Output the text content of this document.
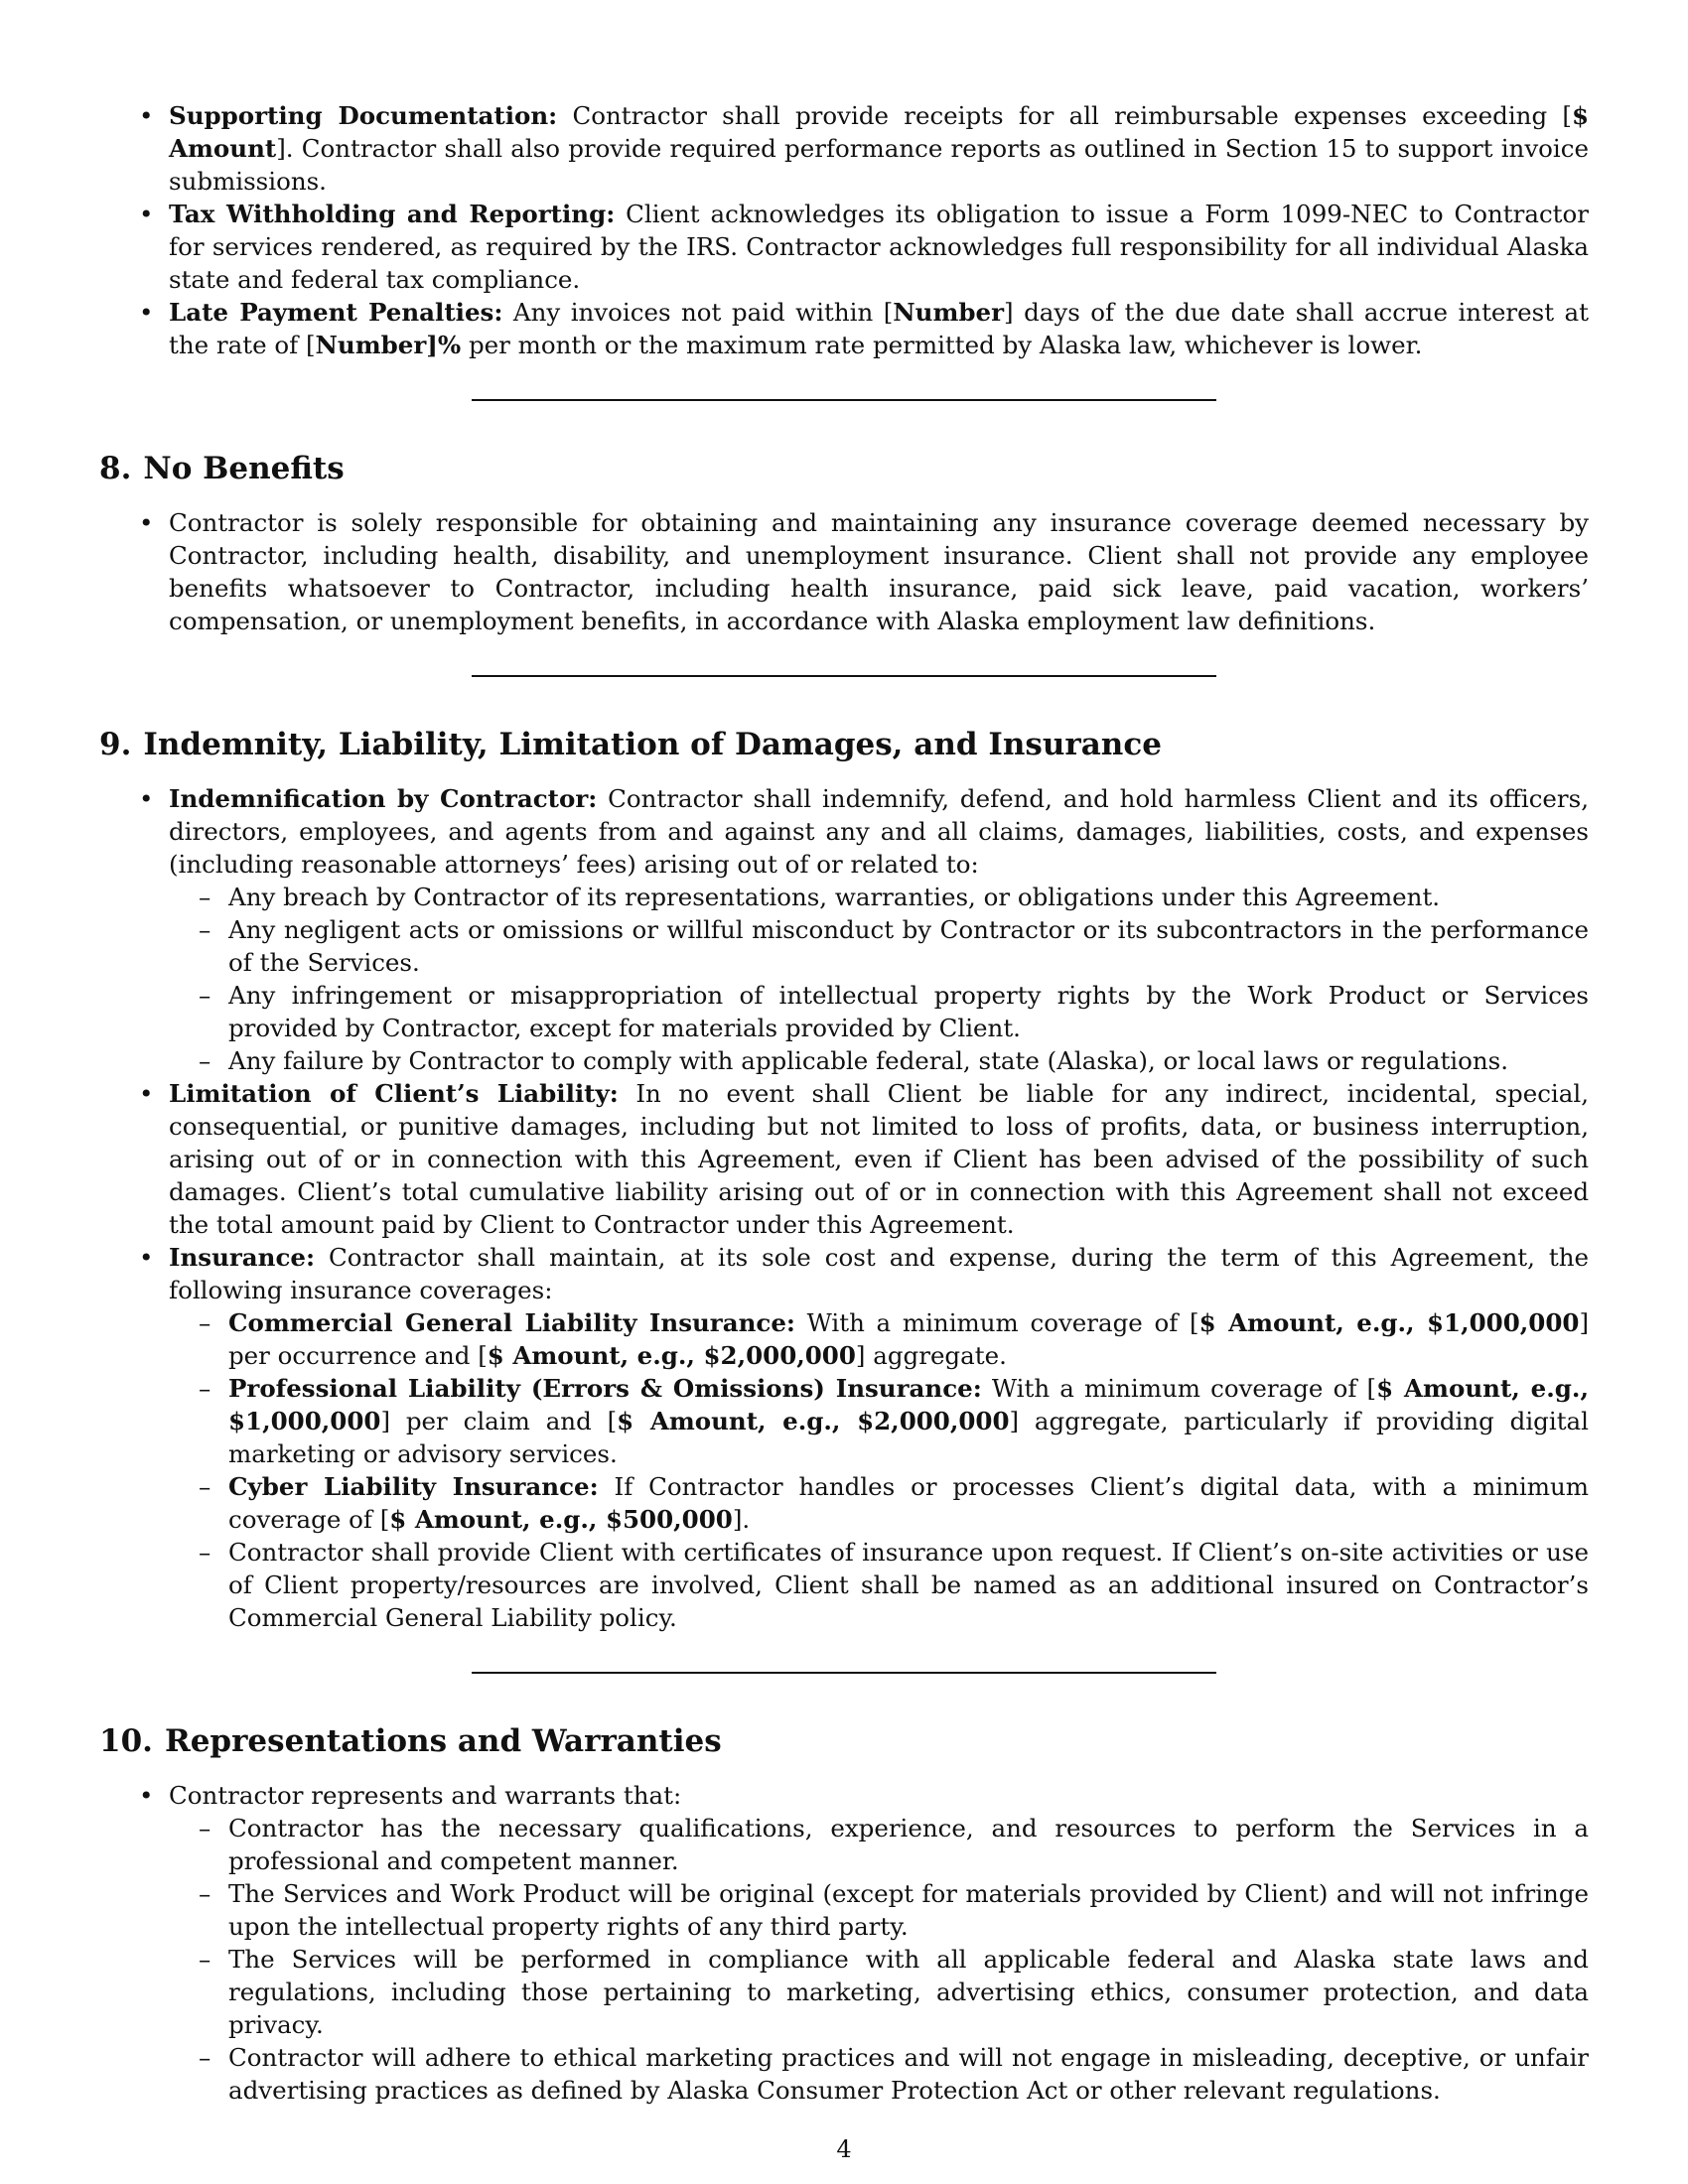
• Supporting Documentation: Contractor shall provide receipts for all reimbursable expenses exceeding [$ Amount]. Contractor shall also provide required performance reports as outlined in Section 15 to support invoice submissions.
• Tax Withholding and Reporting: Client acknowledges its obligation to issue a Form 1099-NEC to Contractor for services rendered, as required by the IRS. Contractor acknowledges full responsibility for all individual Alaska state and federal tax compliance.
• Late Payment Penalties: Any invoices not paid within [Number] days of the due date shall accrue interest at the rate of [Number]% per month or the maximum rate permitted by Alaska law, whichever is lower.
8. No Benefits
• Contractor is solely responsible for obtaining and maintaining any insurance coverage deemed necessary by Contractor, including health, disability, and unemployment insurance. Client shall not provide any employee benefits whatsoever to Contractor, including health insurance, paid sick leave, paid vacation, workers’ compensation, or unemployment benefits, in accordance with Alaska employment law definitions.
9. Indemnity, Liability, Limitation of Damages, and Insurance
• Indemnification by Contractor: Contractor shall indemnify, defend, and hold harmless Client and its officers, directors, employees, and agents from and against any and all claims, damages, liabilities, costs, and expenses (including reasonable attorneys’ fees) arising out of or related to:
– Any breach by Contractor of its representations, warranties, or obligations under this Agreement.
– Any negligent acts or omissions or willful misconduct by Contractor or its subcontractors in the performance of the Services.
– Any infringement or misappropriation of intellectual property rights by the Work Product or Services provided by Contractor, except for materials provided by Client.
– Any failure by Contractor to comply with applicable federal, state (Alaska), or local laws or regulations.
• Limitation of Client’s Liability: In no event shall Client be liable for any indirect, incidental, special, consequential, or punitive damages, including but not limited to loss of profits, data, or business interruption, arising out of or in connection with this Agreement, even if Client has been advised of the possibility of such damages. Client’s total cumulative liability arising out of or in connection with this Agreement shall not exceed the total amount paid by Client to Contractor under this Agreement.
• Insurance: Contractor shall maintain, at its sole cost and expense, during the term of this Agreement, the following insurance coverages:
– Commercial General Liability Insurance: With a minimum coverage of [$ Amount, e.g., $1,000,000] per occurrence and [$ Amount, e.g., $2,000,000] aggregate.
– Professional Liability (Errors & Omissions) Insurance: With a minimum coverage of [$ Amount, e.g., $1,000,000] per claim and [$ Amount, e.g., $2,000,000] aggregate, particularly if providing digital marketing or advisory services.
– Cyber Liability Insurance: If Contractor handles or processes Client’s digital data, with a minimum coverage of [$ Amount, e.g., $500,000].
– Contractor shall provide Client with certificates of insurance upon request. If Client’s on-site activities or use of Client property/resources are involved, Client shall be named as an additional insured on Contractor’s Commercial General Liability policy.
10. Representations and Warranties
• Contractor represents and warrants that:
– Contractor has the necessary qualifications, experience, and resources to perform the Services in a professional and competent manner.
– The Services and Work Product will be original (except for materials provided by Client) and will not infringe upon the intellectual property rights of any third party.
– The Services will be performed in compliance with all applicable federal and Alaska state laws and regulations, including those pertaining to marketing, advertising ethics, consumer protection, and data privacy.
– Contractor will adhere to ethical marketing practices and will not engage in misleading, deceptive, or unfair advertising practices as defined by Alaska Consumer Protection Act or other relevant regulations.
4
